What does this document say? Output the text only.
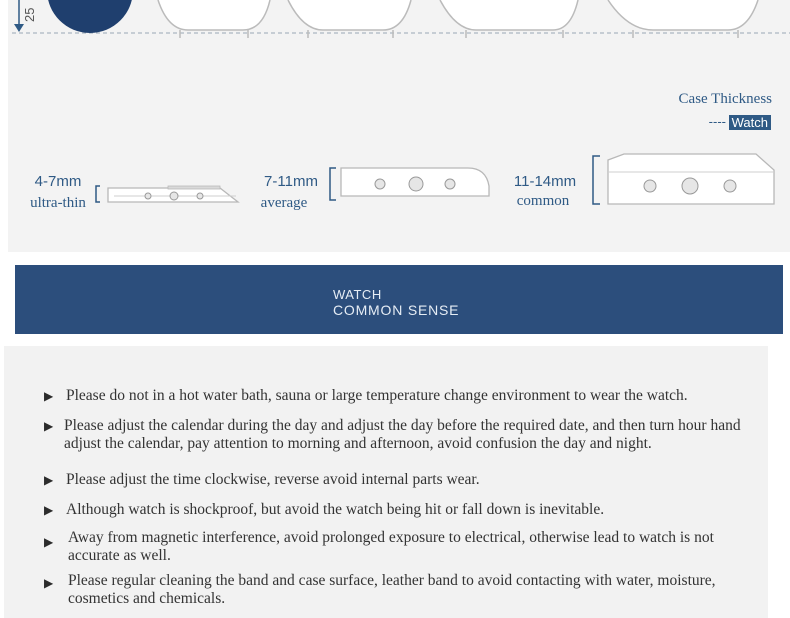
25
Case Thickness
---- Watch
4-7mm
ultra-thin
7-11mm
average
11-14mm
common
WATCH
COMMON SENSE
▶ Please do not in a hot water bath, sauna or large temperature change environment to wear the watch.
▶ Please adjust the calendar during the day and adjust the day before the required date, and then turn hour hand adjust the calendar, pay attention to morning and afternoon, avoid confusion the day and night.
▶ Please adjust the time clockwise, reverse avoid internal parts wear.
▶ Although watch is shockproof, but avoid the watch being hit or fall down is inevitable.
▶ Away from magnetic interference, avoid prolonged exposure to electrical, otherwise lead to watch is not accurate as well.
▶ Please regular cleaning the band and case surface, leather band to avoid contacting with water, moisture, cosmetics and chemicals.
